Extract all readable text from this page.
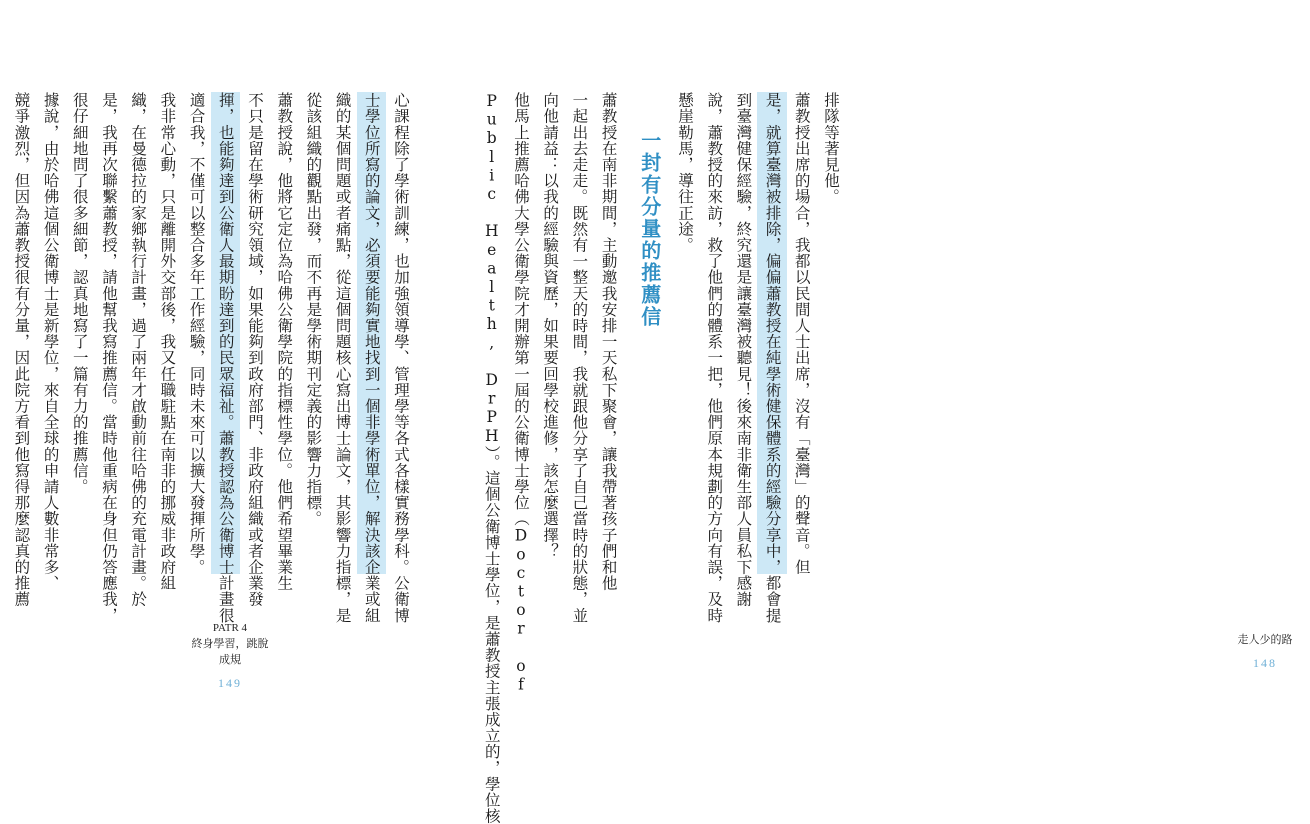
心課程除了學術訓練，也加強領導學、管理學等各式各樣實務學科。公衛博
士學位所寫的論文，必須要能夠實地找到一個非學術單位，解決該企業或組
織的某個問題或者痛點，從這個問題核心寫出博士論文，其影響力指標，是
從該組織的觀點出發，而不再是學術期刊定義的影響力指標。
蕭教授說，他將它定位為哈佛公衛學院的指標性學位。他們希望畢業生
不只是留在學術研究領域，如果能夠到政府部門、非政府組織或者企業發
揮，也能夠達到公衛人最期盼達到的民眾福祉。蕭教授認為公衛博士計畫很
適合我，不僅可以整合多年工作經驗，同時未來可以擴大發揮所學。
我非常心動，只是離開外交部後，我又任職駐點在南非的挪威非政府組
織，在曼德拉的家鄉執行計畫，過了兩年才啟動前往哈佛的充電計畫。於
是，我再次聯繫蕭教授，請他幫我寫推薦信。當時他重病在身但仍答應我，
很仔細地問了很多細節，認真地寫了一篇有力的推薦信。
據說，由於哈佛這個公衛博士是新學位，來自全球的申請人數非常多、
競爭激烈，但因為蕭教授很有分量，因此院方看到他寫得那麼認真的推薦
PATR 4
終身學習，跳脫成規
149
走人少的路
148
排隊等著見他。
蕭教授出席的場合，我都以民間人士出席，沒有「臺灣」的聲音。但
是，就算臺灣被排除，偏偏蕭教授在純學術健保體系的經驗分享中，都會提
到臺灣健保經驗，終究還是讓臺灣被聽見！後來南非衛生部人員私下感謝
說，蕭教授的來訪，救了他們的體系一把，他們原本規劃的方向有誤，及時
懸崖勒馬，導往正途。
一封有分量的推薦信
蕭教授在南非期間，主動邀我安排一天私下聚會，讓我帶著孩子們和他
一起出去走走。既然有一整天的時間，我就跟他分享了自己當時的狀態，並
向他請益：以我的經驗與資歷，如果要回學校進修，該怎麼選擇？
他馬上推薦哈佛大學公衛學院才開辦第一屆的公衛博士學位（Doctor of
Public Health, DrPH）。這個公衛博士學位，是蕭教授主張成立的，學位核
